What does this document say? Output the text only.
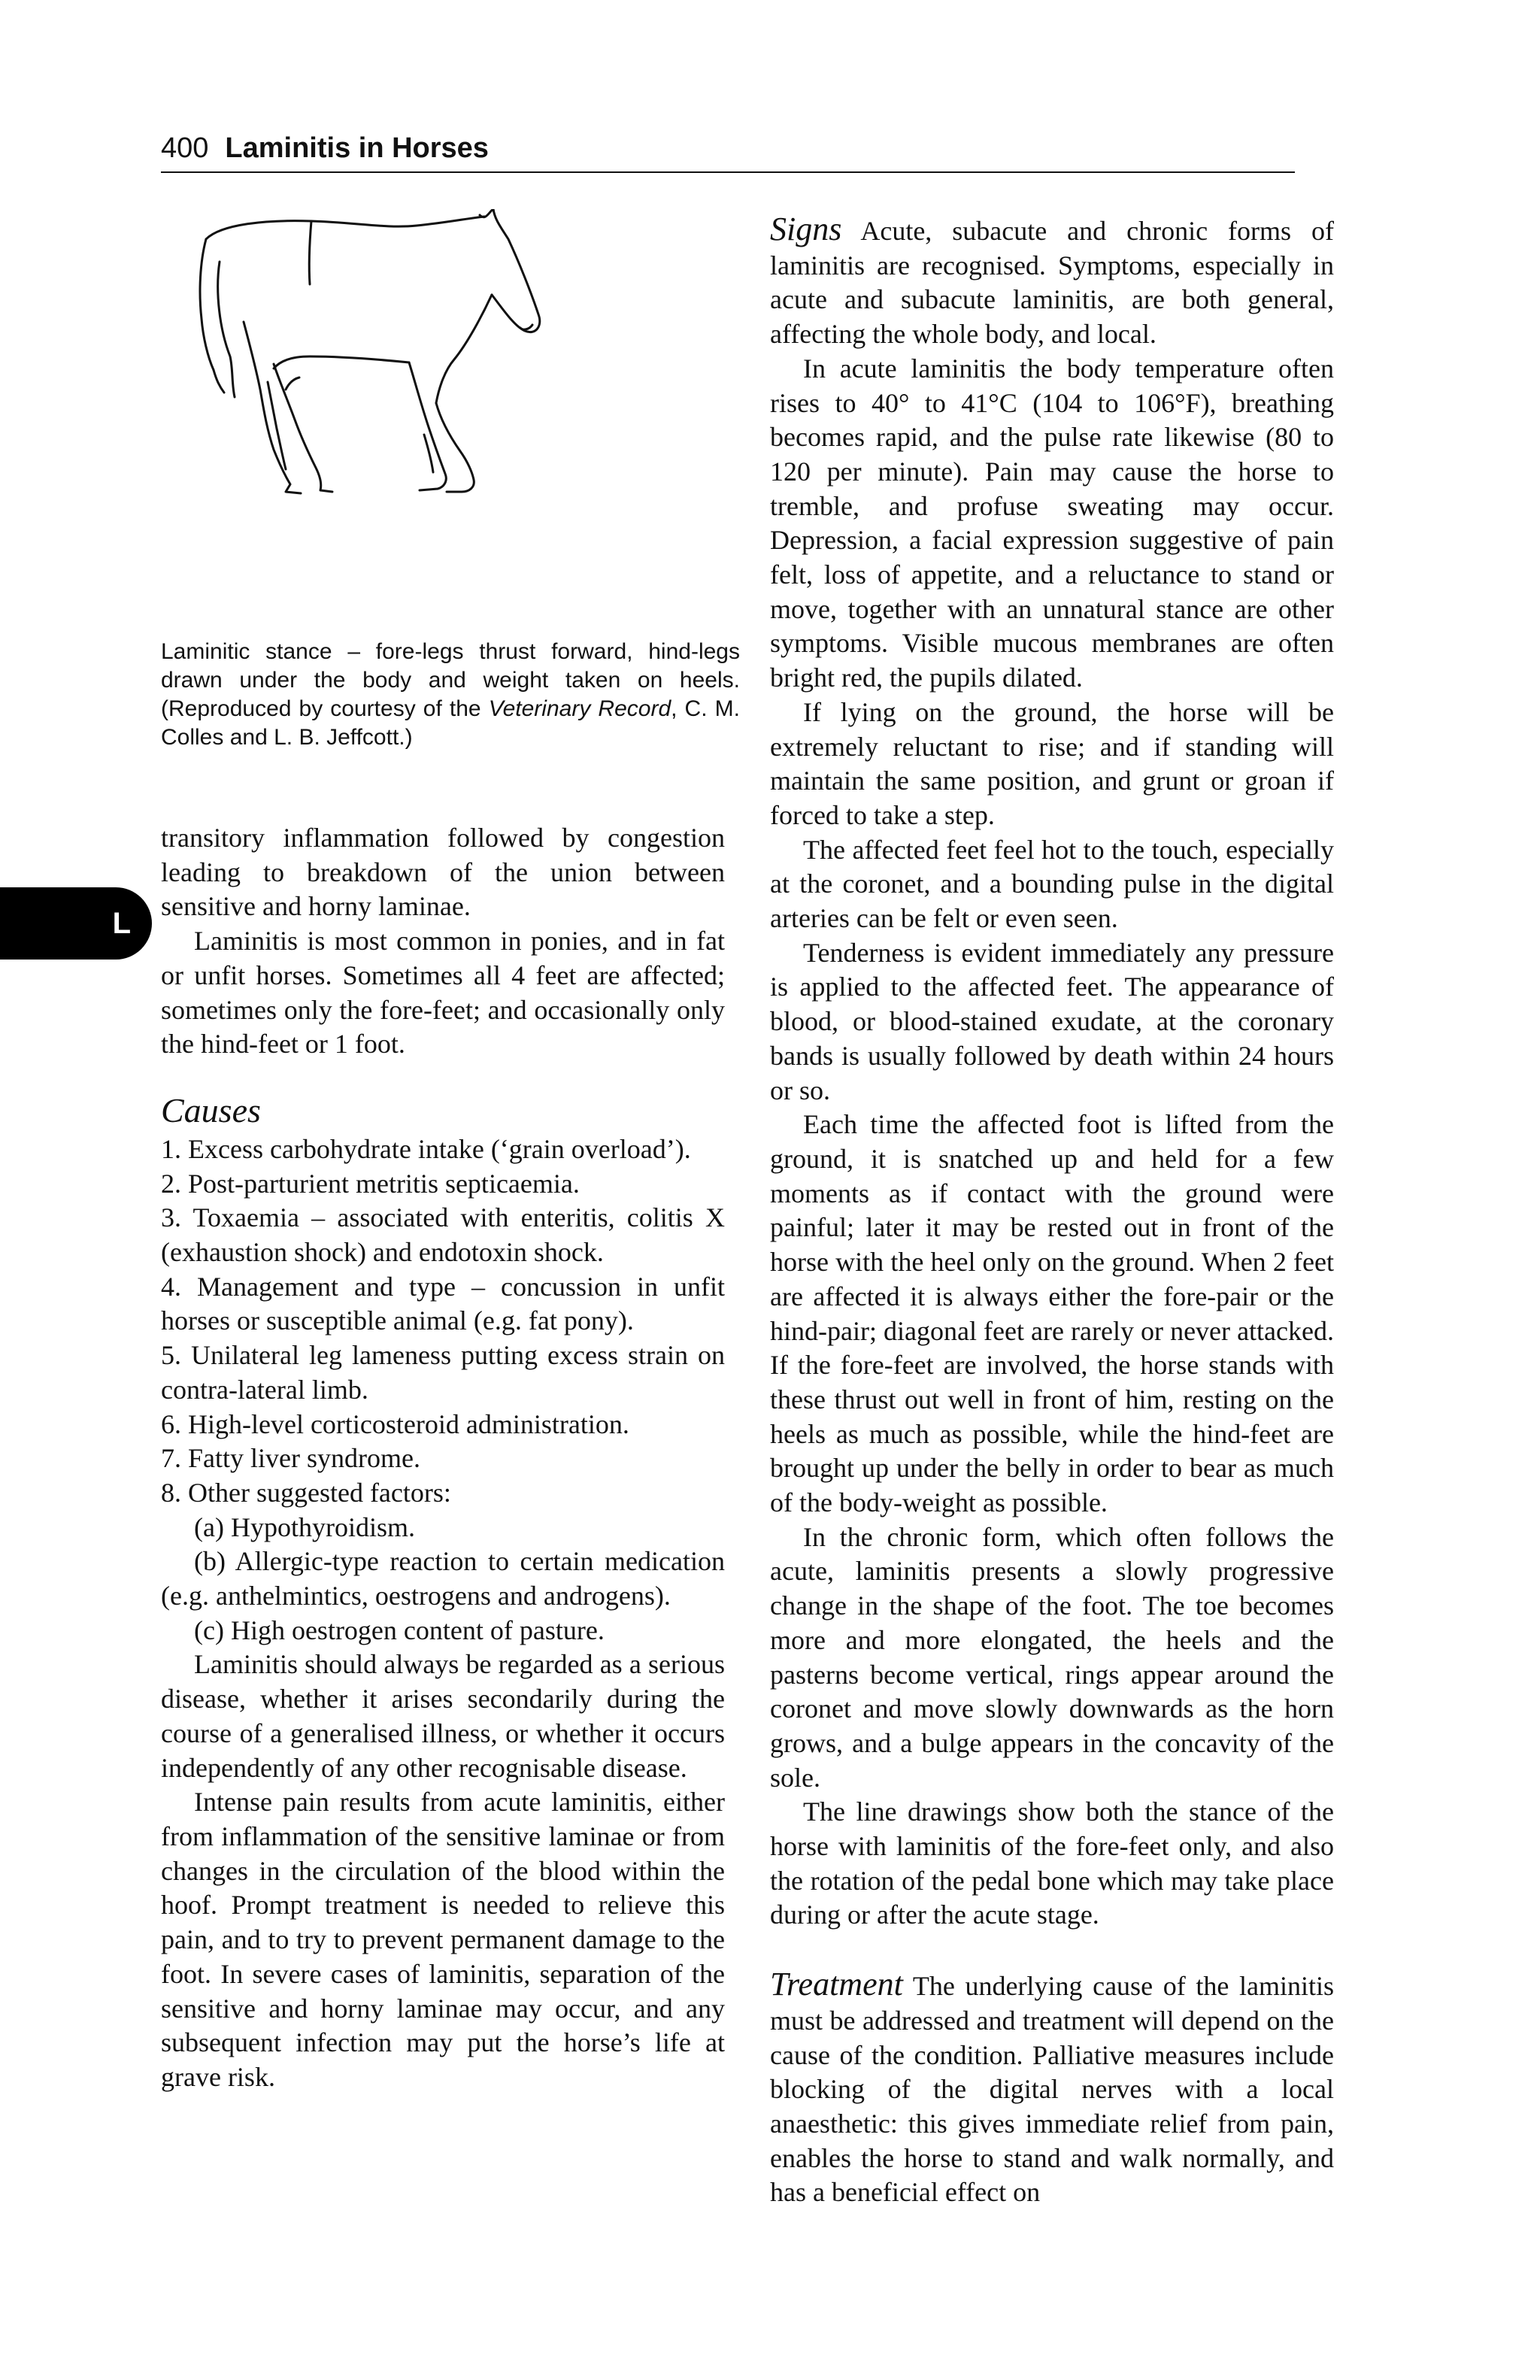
400 Laminitis in Horses

Laminitic stance – fore-legs thrust forward, hind-legs drawn under the body and weight taken on heels. (Reproduced by courtesy of the Veterinary Record, C. M. Colles and L. B. Jeffcott.)

L

transitory inflammation followed by congestion leading to breakdown of the union between sensitive and horny laminae.

Laminitis is most common in ponies, and in fat or unfit horses. Sometimes all 4 feet are affected; sometimes only the fore-feet; and occasionally only the hind-feet or 1 foot.

Causes
1. Excess carbohydrate intake (‘grain overload’).
2. Post-parturient metritis septicaemia.
3. Toxaemia – associated with enteritis, colitis X (exhaustion shock) and endotoxin shock.
4. Management and type – concussion in unfit horses or susceptible animal (e.g. fat pony).
5. Unilateral leg lameness putting excess strain on contra-lateral limb.
6. High-level corticosteroid administration.
7. Fatty liver syndrome.
8. Other suggested factors:
(a) Hypothyroidism.
(b) Allergic-type reaction to certain medication (e.g. anthelmintics, oestrogens and androgens).
(c) High oestrogen content of pasture.

Laminitis should always be regarded as a serious disease, whether it arises secondarily during the course of a generalised illness, or whether it occurs independently of any other recognisable disease.

Intense pain results from acute laminitis, either from inflammation of the sensitive laminae or from changes in the circulation of the blood within the hoof. Prompt treatment is needed to relieve this pain, and to try to prevent permanent damage to the foot. In severe cases of laminitis, separation of the sensitive and horny laminae may occur, and any subsequent infection may put the horse’s life at grave risk.

Signs Acute, subacute and chronic forms of laminitis are recognised. Symptoms, especially in acute and subacute laminitis, are both general, affecting the whole body, and local.

In acute laminitis the body temperature often rises to 40° to 41°C (104 to 106°F), breathing becomes rapid, and the pulse rate likewise (80 to 120 per minute). Pain may cause the horse to tremble, and profuse sweating may occur. Depression, a facial expression suggestive of pain felt, loss of appetite, and a reluctance to stand or move, together with an unnatural stance are other symptoms. Visible mucous membranes are often bright red, the pupils dilated.

If lying on the ground, the horse will be extremely reluctant to rise; and if standing will maintain the same position, and grunt or groan if forced to take a step.

The affected feet feel hot to the touch, especially at the coronet, and a bounding pulse in the digital arteries can be felt or even seen.

Tenderness is evident immediately any pressure is applied to the affected feet. The appearance of blood, or blood-stained exudate, at the coronary bands is usually followed by death within 24 hours or so.

Each time the affected foot is lifted from the ground, it is snatched up and held for a few moments as if contact with the ground were painful; later it may be rested out in front of the horse with the heel only on the ground. When 2 feet are affected it is always either the fore-pair or the hind-pair; diagonal feet are rarely or never attacked. If the fore-feet are involved, the horse stands with these thrust out well in front of him, resting on the heels as much as possible, while the hind-feet are brought up under the belly in order to bear as much of the body-weight as possible.

In the chronic form, which often follows the acute, laminitis presents a slowly progressive change in the shape of the foot. The toe becomes more and more elongated, the heels and the pasterns become vertical, rings appear around the coronet and move slowly downwards as the horn grows, and a bulge appears in the concavity of the sole.

The line drawings show both the stance of the horse with laminitis of the fore-feet only, and also the rotation of the pedal bone which may take place during or after the acute stage.

Treatment The underlying cause of the laminitis must be addressed and treatment will depend on the cause of the condition. Palliative measures include blocking of the digital nerves with a local anaesthetic: this gives immediate relief from pain, enables the horse to stand and walk normally, and has a beneficial effect on
